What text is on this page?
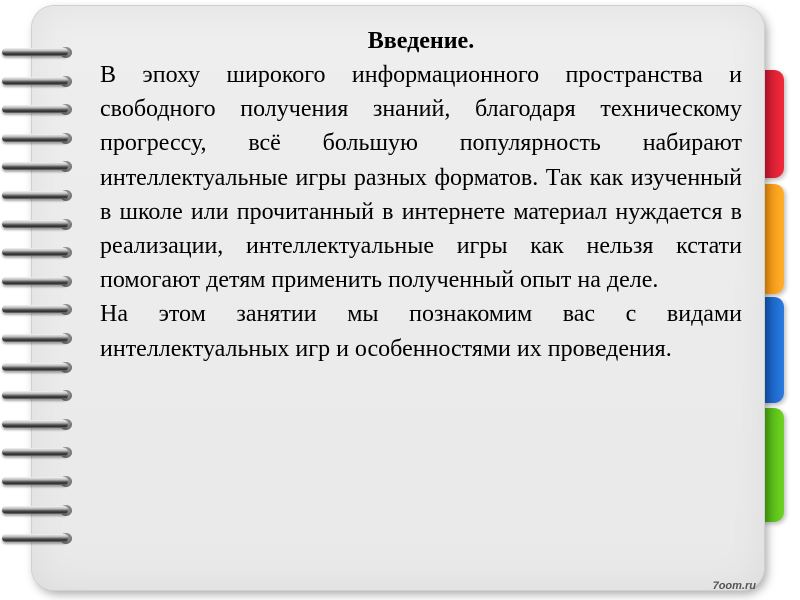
Введение.

В эпоху широкого информационного пространства и свободного получения знаний, благодаря техническому прогрессу, всё большую популярность набирают интеллектуальные игры разных форматов. Так как изученный в школе или прочитанный в интернете материал нуждается в реализации, интеллектуальные игры как нельзя кстати помогают детям применить полученный опыт на деле.

На этом занятии мы познакомим вас с видами интеллектуальных игр и особенностями их проведения.

7oom.ru
